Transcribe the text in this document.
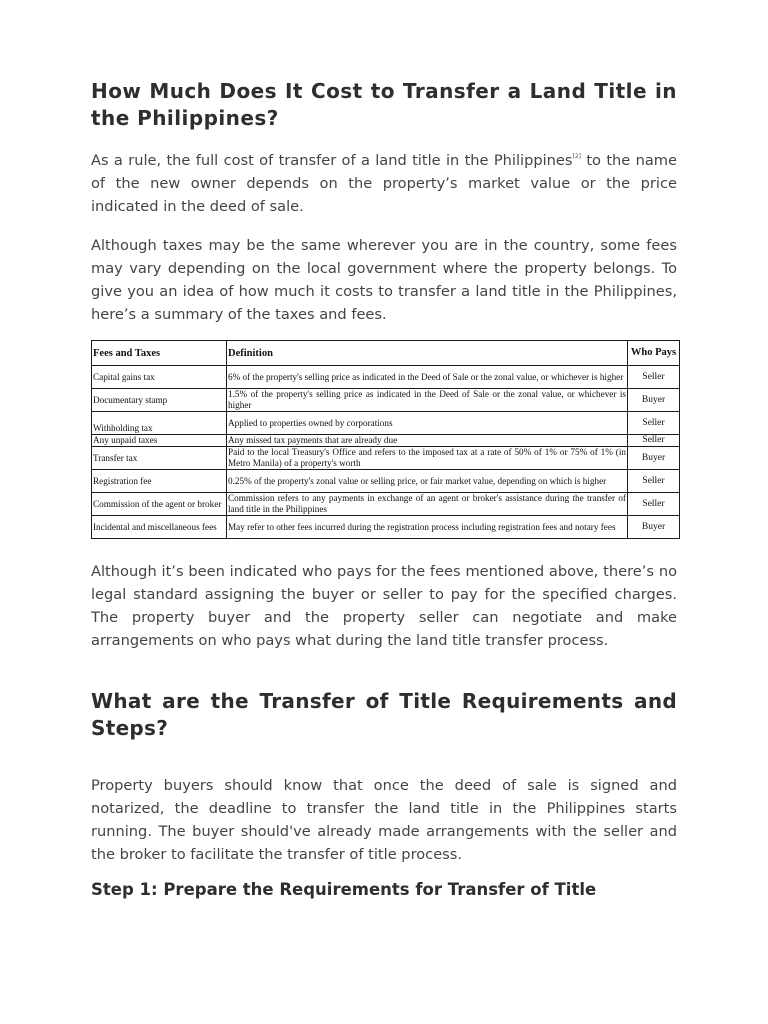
How Much Does It Cost to Transfer a Land Title in the Philippines?

As a rule, the full cost of transfer of a land title in the Philippines[2] to the name of the new owner depends on the property’s market value or the price indicated in the deed of sale.

Although taxes may be the same wherever you are in the country, some fees may vary depending on the local government where the property belongs. To give you an idea of how much it costs to transfer a land title in the Philippines, here’s a summary of the taxes and fees.

Fees and Taxes	Definition	Who Pays
Capital gains tax	6% of the property's selling price as indicated in the Deed of Sale or the zonal value, or whichever is higher	Seller
Documentary stamp	1.5% of the property's selling price as indicated in the Deed of Sale or the zonal value, or whichever is higher	Buyer
Withholding tax	Applied to properties owned by corporations	Seller
Any unpaid taxes	Any missed tax payments that are already due	Seller
Transfer tax	Paid to the local Treasury's Office and refers to the imposed tax at a rate of 50% of 1% or 75% of 1% (in Metro Manila) of a property's worth	Buyer
Registration fee	0.25% of the property's zonal value or selling price, or fair market value, depending on which is higher	Seller
Commission of the agent or broker	Commission refers to any payments in exchange of an agent or broker's assistance during the transfer of land title in the Philippines	Seller
Incidental and miscellaneous fees	May refer to other fees incurred during the registration process including registration fees and notary fees	Buyer

Although it’s been indicated who pays for the fees mentioned above, there’s no legal standard assigning the buyer or seller to pay for the specified charges. The property buyer and the property seller can negotiate and make arrangements on who pays what during the land title transfer process.

What are the Transfer of Title Requirements and Steps?

Property buyers should know that once the deed of sale is signed and notarized, the deadline to transfer the land title in the Philippines starts running. The buyer should've already made arrangements with the seller and the broker to facilitate the transfer of title process.

Step 1: Prepare the Requirements for Transfer of Title
